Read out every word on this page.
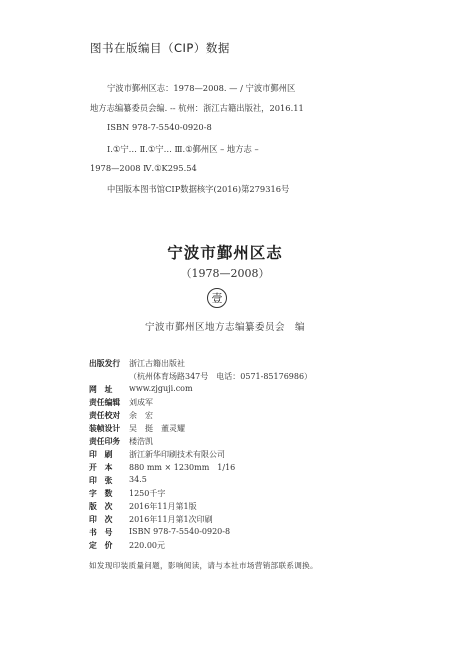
图书在版编目（CIP）数据
宁波市鄞州区志：1978—2008. — / 宁波市鄞州区
地方志编纂委员会编. -- 杭州：浙江古籍出版社，2016.11
ISBN 978-7-5540-0920-8
Ⅰ.①宁… Ⅱ.①宁… Ⅲ.①鄞州区 – 地方志 –
1978—2008 Ⅳ.①K295.54
中国版本图书馆CIP数据核字(2016)第279316号
宁波市鄞州区志
（1978—2008）
壹
宁波市鄞州区地方志编纂委员会　编
出版发行 浙江古籍出版社
（杭州体育场路347号　电话：0571-85176986）
网　址 www.zjguji.com
责任编辑 刘成军
责任校对 余　宏
装帧设计 吴　挺　董灵耀
责任印务 楼浩凯
印　刷 浙江新华印刷技术有限公司
开　本 880 mm × 1230mm　1/16
印　张 34.5
字　数 1250千字
版　次 2016年11月第1版
印　次 2016年11月第1次印刷
书　号 ISBN 978-7-5540-0920-8
定　价 220.00元
如发现印装质量问题，影响阅读，请与本社市场营销部联系调换。
